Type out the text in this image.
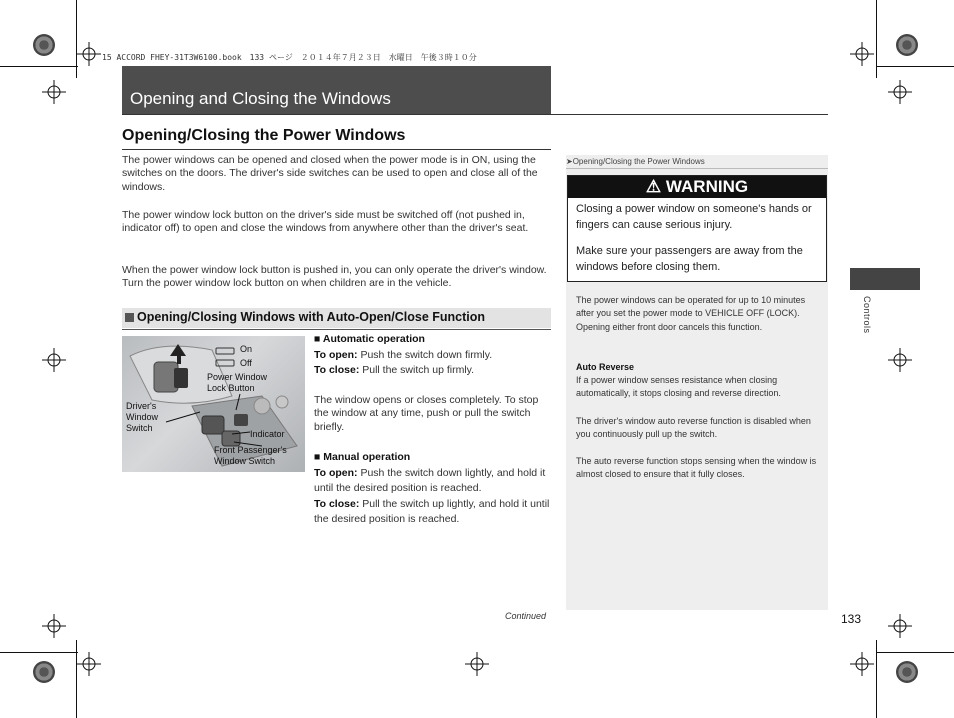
15 ACCORD FHEY-31T3W6100.book　133 ページ　２０１４年７月２３日　水曜日　午後３時１０分
Opening and Closing the Windows
Opening/Closing the Power Windows
The power windows can be opened and closed when the power mode is in ON, using the switches on the doors. The driver's side switches can be used to open and close all of the windows.
The power window lock button on the driver's side must be switched off (not pushed in, indicator off) to open and close the windows from anywhere other than the driver's seat.
When the power window lock button is pushed in, you can only operate the driver's window. Turn the power window lock button on when children are in the vehicle.
Opening/Closing Windows with Auto-Open/Close Function
On
Off
Power Window
Lock Button
Driver's
Window
Switch
Indicator
Front Passenger's
Window Switch
■ Automatic operation
To open: Push the switch down firmly.
To close: Pull the switch up firmly.
The window opens or closes completely. To stop the window at any time, push or pull the switch briefly.
■ Manual operation
To open: Push the switch down lightly, and hold it until the desired position is reached.
To close: Pull the switch up lightly, and hold it until the desired position is reached.
➤Opening/Closing the Power Windows
⚠ WARNING
Closing a power window on someone's hands or fingers can cause serious injury.
Make sure your passengers are away from the windows before closing them.
The power windows can be operated for up to 10 minutes after you set the power mode to VEHICLE OFF (LOCK).
Opening either front door cancels this function.
Auto Reverse
If a power window senses resistance when closing automatically, it stops closing and reverse direction.
The driver's window auto reverse function is disabled when you continuously pull up the switch.
The auto reverse function stops sensing when the window is almost closed to ensure that it fully closes.
Controls
Continued	133
